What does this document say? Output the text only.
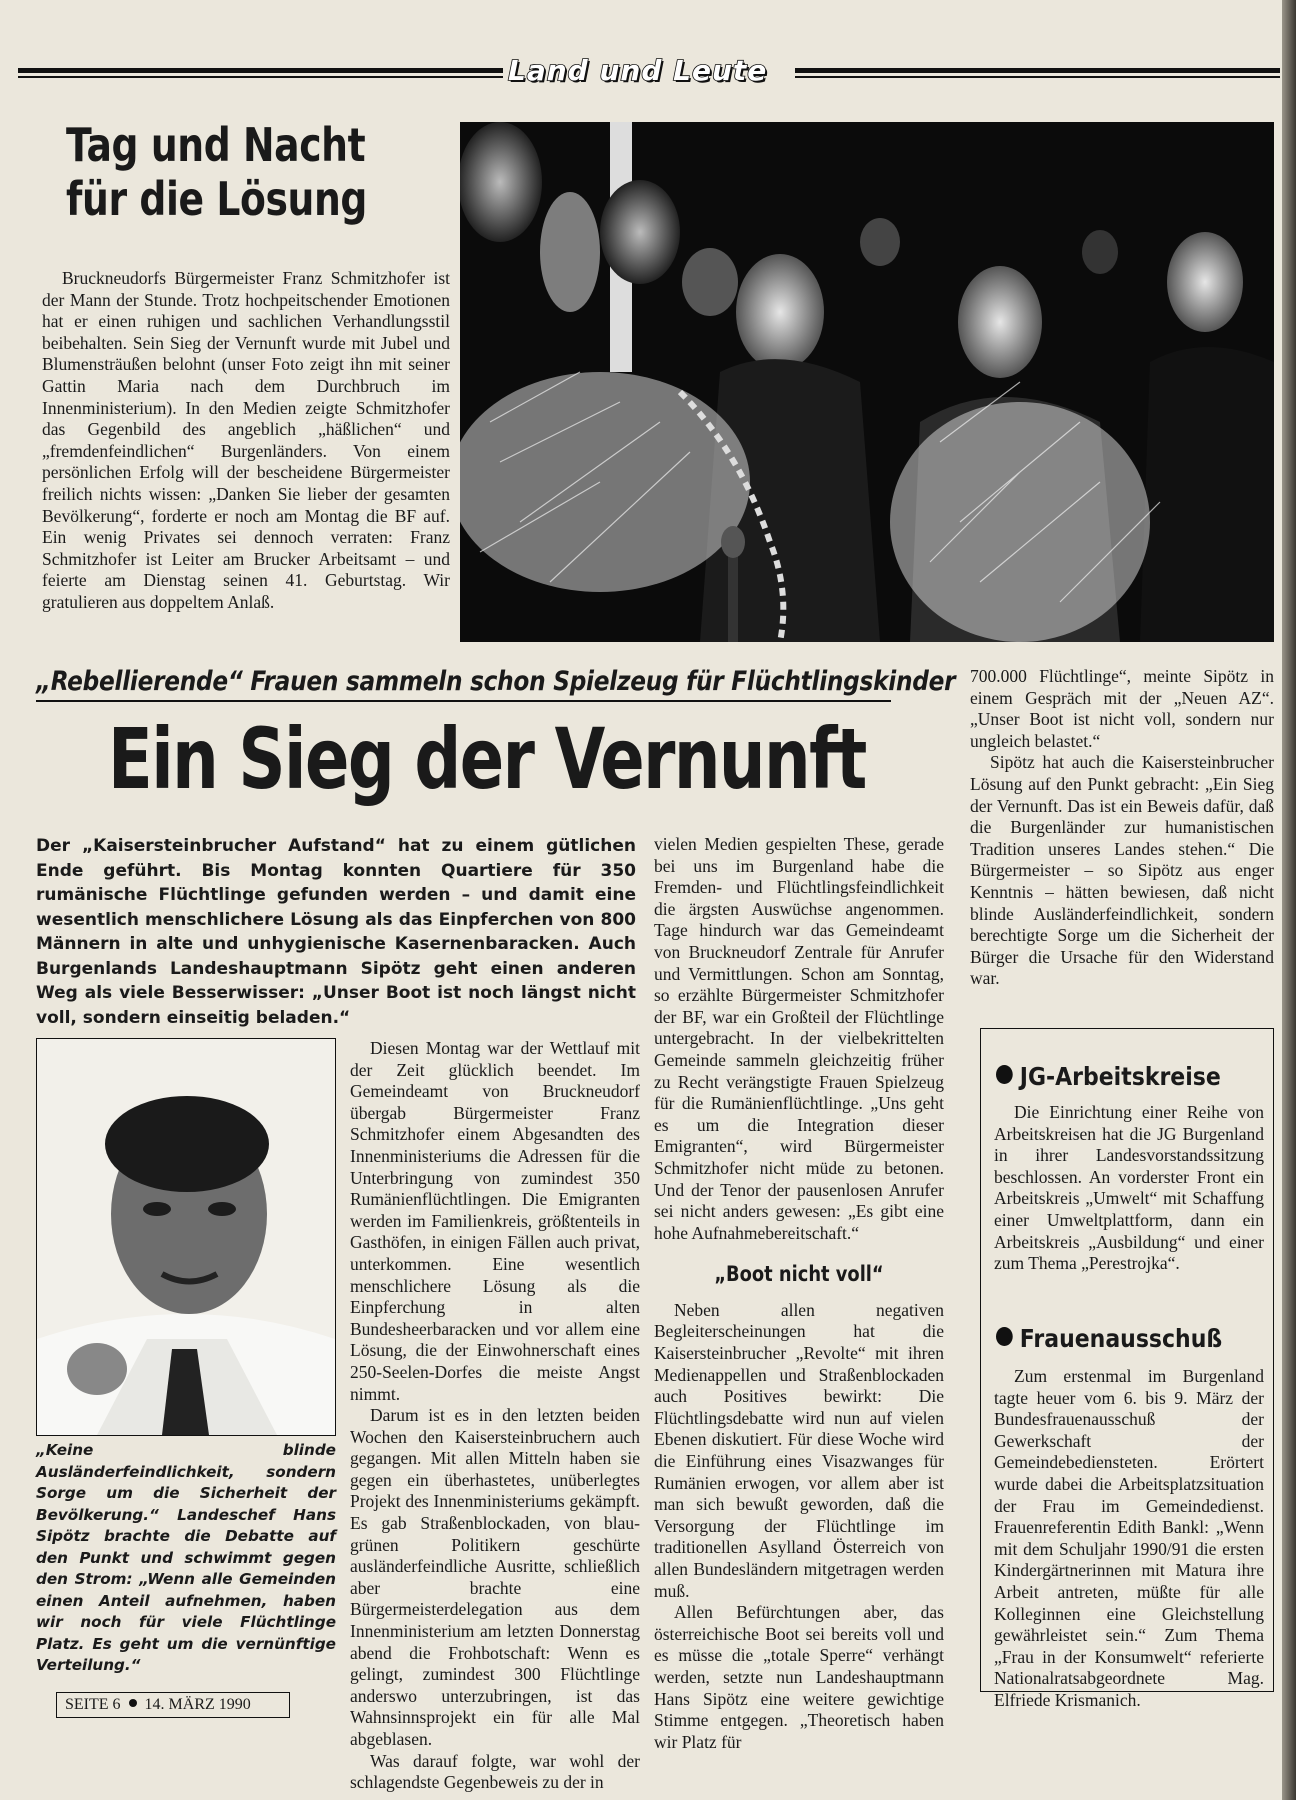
Land und Leute
Tag und Nacht
für die Lösung

Bruckneudorfs Bürgermeister Franz Schmitzhofer ist der Mann der Stunde. Trotz hochpeitschender Emotionen hat er einen ruhigen und sachlichen Verhandlungsstil beibehalten. Sein Sieg der Vernunft wurde mit Jubel und Blumensträußen belohnt (unser Foto zeigt ihn mit seiner Gattin Maria nach dem Durchbruch im Innenministerium). In den Medien zeigte Schmitzhofer das Gegenbild des angeblich „häßlichen“ und „fremdenfeindlichen“ Burgenländers. Von einem persönlichen Erfolg will der bescheidene Bürgermeister freilich nichts wissen: „Danken Sie lieber der gesamten Bevölkerung“, forderte er noch am Montag die BF auf. Ein wenig Privates sei dennoch verraten: Franz Schmitzhofer ist Leiter am Brucker Arbeitsamt – und feierte am Dienstag seinen 41. Geburtstag. Wir gratulieren aus doppeltem Anlaß.

„Rebellierende“ Frauen sammeln schon Spielzeug für Flüchtlingskinder
Ein Sieg der Vernunft
Der „Kaisersteinbrucher Aufstand“ hat zu einem gütlichen Ende geführt. Bis Montag konnten Quartiere für 350 rumänische Flüchtlinge gefunden werden – und damit eine wesentlich menschlichere Lösung als das Einpferchen von 800 Männern in alte und unhygienische Kasernenbaracken. Auch Burgenlands Landeshauptmann Sipötz geht einen anderen Weg als viele Besserwisser: „Unser Boot ist noch längst nicht voll, sondern einseitig beladen.“
„Keine blinde Ausländerfeindlichkeit, sondern Sorge um die Sicherheit der Bevölkerung.“ Landeschef Hans Sipötz brachte die Debatte auf den Punkt und schwimmt gegen den Strom: „Wenn alle Gemeinden einen Anteil aufnehmen, haben wir noch für viele Flüchtlinge Platz. Es geht um die vernünftige Verteilung.“

Diesen Montag war der Wettlauf mit der Zeit glücklich beendet. Im Gemeindeamt von Bruckneudorf übergab Bürgermeister Franz Schmitzhofer einem Abgesandten des Innenministeriums die Adressen für die Unterbringung von zumindest 350 Rumänienflüchtlingen. Die Emigranten werden im Familienkreis, größtenteils in Gasthöfen, in einigen Fällen auch privat, unterkommen. Eine wesentlich menschlichere Lösung als die Einpferchung in alten Bundesheerbaracken und vor allem eine Lösung, die der Einwohnerschaft eines 250-Seelen-Dorfes die meiste Angst nimmt.

Darum ist es in den letzten beiden Wochen den Kaisersteinbruchern auch gegangen. Mit allen Mitteln haben sie gegen ein überhastetes, unüberlegtes Projekt des Innenministeriums gekämpft. Es gab Straßenblockaden, von blau-grünen Politikern geschürte ausländerfeindliche Ausritte, schließlich aber brachte eine Bürgermeisterdelegation aus dem Innenministerium am letzten Donnerstag abend die Frohbotschaft: Wenn es gelingt, zumindest 300 Flüchtlinge anderswo unterzubringen, ist das Wahnsinnsprojekt ein für alle Mal abgeblasen.

Was darauf folgte, war wohl der schlagendste Gegenbeweis zu der in

vielen Medien gespielten These, gerade bei uns im Burgenland habe die Fremden- und Flüchtlingsfeindlichkeit die ärgsten Auswüchse angenommen. Tage hindurch war das Gemeindeamt von Bruckneudorf Zentrale für Anrufer und Vermittlungen. Schon am Sonntag, so erzählte Bürgermeister Schmitzhofer der BF, war ein Großteil der Flüchtlinge untergebracht. In der vielbekrittelten Gemeinde sammeln gleichzeitig früher zu Recht verängstigte Frauen Spielzeug für die Rumänienflüchtlinge. „Uns geht es um die Integration dieser Emigranten“, wird Bürgermeister Schmitzhofer nicht müde zu betonen. Und der Tenor der pausenlosen Anrufer sei nicht anders gewesen: „Es gibt eine hohe Aufnahmebereitschaft.“

„Boot nicht voll“

Neben allen negativen Begleiterscheinungen hat die Kaisersteinbrucher „Revolte“ mit ihren Medienappellen und Straßenblockaden auch Positives bewirkt: Die Flüchtlingsdebatte wird nun auf vielen Ebenen diskutiert. Für diese Woche wird die Einführung eines Visazwanges für Rumänien erwogen, vor allem aber ist man sich bewußt geworden, daß die Versorgung der Flüchtlinge im traditionellen Asylland Österreich von allen Bundesländern mitgetragen werden muß.

Allen Befürchtungen aber, das österreichische Boot sei bereits voll und es müsse die „totale Sperre“ verhängt werden, setzte nun Landeshauptmann Hans Sipötz eine weitere gewichtige Stimme entgegen. „Theoretisch haben wir Platz für

700.000 Flüchtlinge“, meinte Sipötz in einem Gespräch mit der „Neuen AZ“. „Unser Boot ist nicht voll, sondern nur ungleich belastet.“

Sipötz hat auch die Kaisersteinbrucher Lösung auf den Punkt gebracht: „Ein Sieg der Vernunft. Das ist ein Beweis dafür, daß die Burgenländer zur humanistischen Tradition unseres Landes stehen.“ Die Bürgermeister – so Sipötz aus enger Kenntnis – hätten bewiesen, daß nicht blinde Ausländerfeindlichkeit, sondern berechtigte Sorge um die Sicherheit der Bürger die Ursache für den Widerstand war.

JG-Arbeitskreise

Die Einrichtung einer Reihe von Arbeitskreisen hat die JG Burgenland in ihrer Landesvorstandssitzung beschlossen. An vorderster Front ein Arbeitskreis „Umwelt“ mit Schaffung einer Umweltplattform, dann ein Arbeitskreis „Ausbildung“ und einer zum Thema „Perestrojka“.

Frauenausschuß

Zum erstenmal im Burgenland tagte heuer vom 6. bis 9. März der Bundesfrauenausschuß der Gewerkschaft der Gemeindebediensteten. Erörtert wurde dabei die Arbeitsplatzsituation der Frau im Gemeindedienst. Frauenreferentin Edith Bankl: „Wenn mit dem Schuljahr 1990/91 die ersten Kindergärtnerinnen mit Matura ihre Arbeit antreten, müßte für alle Kolleginnen eine Gleichstellung gewährleistet sein.“ Zum Thema „Frau in der Konsumwelt“ referierte Nationalratsabgeordnete Mag. Elfriede Krismanich.

SEITE 6 14. MÄRZ 1990
